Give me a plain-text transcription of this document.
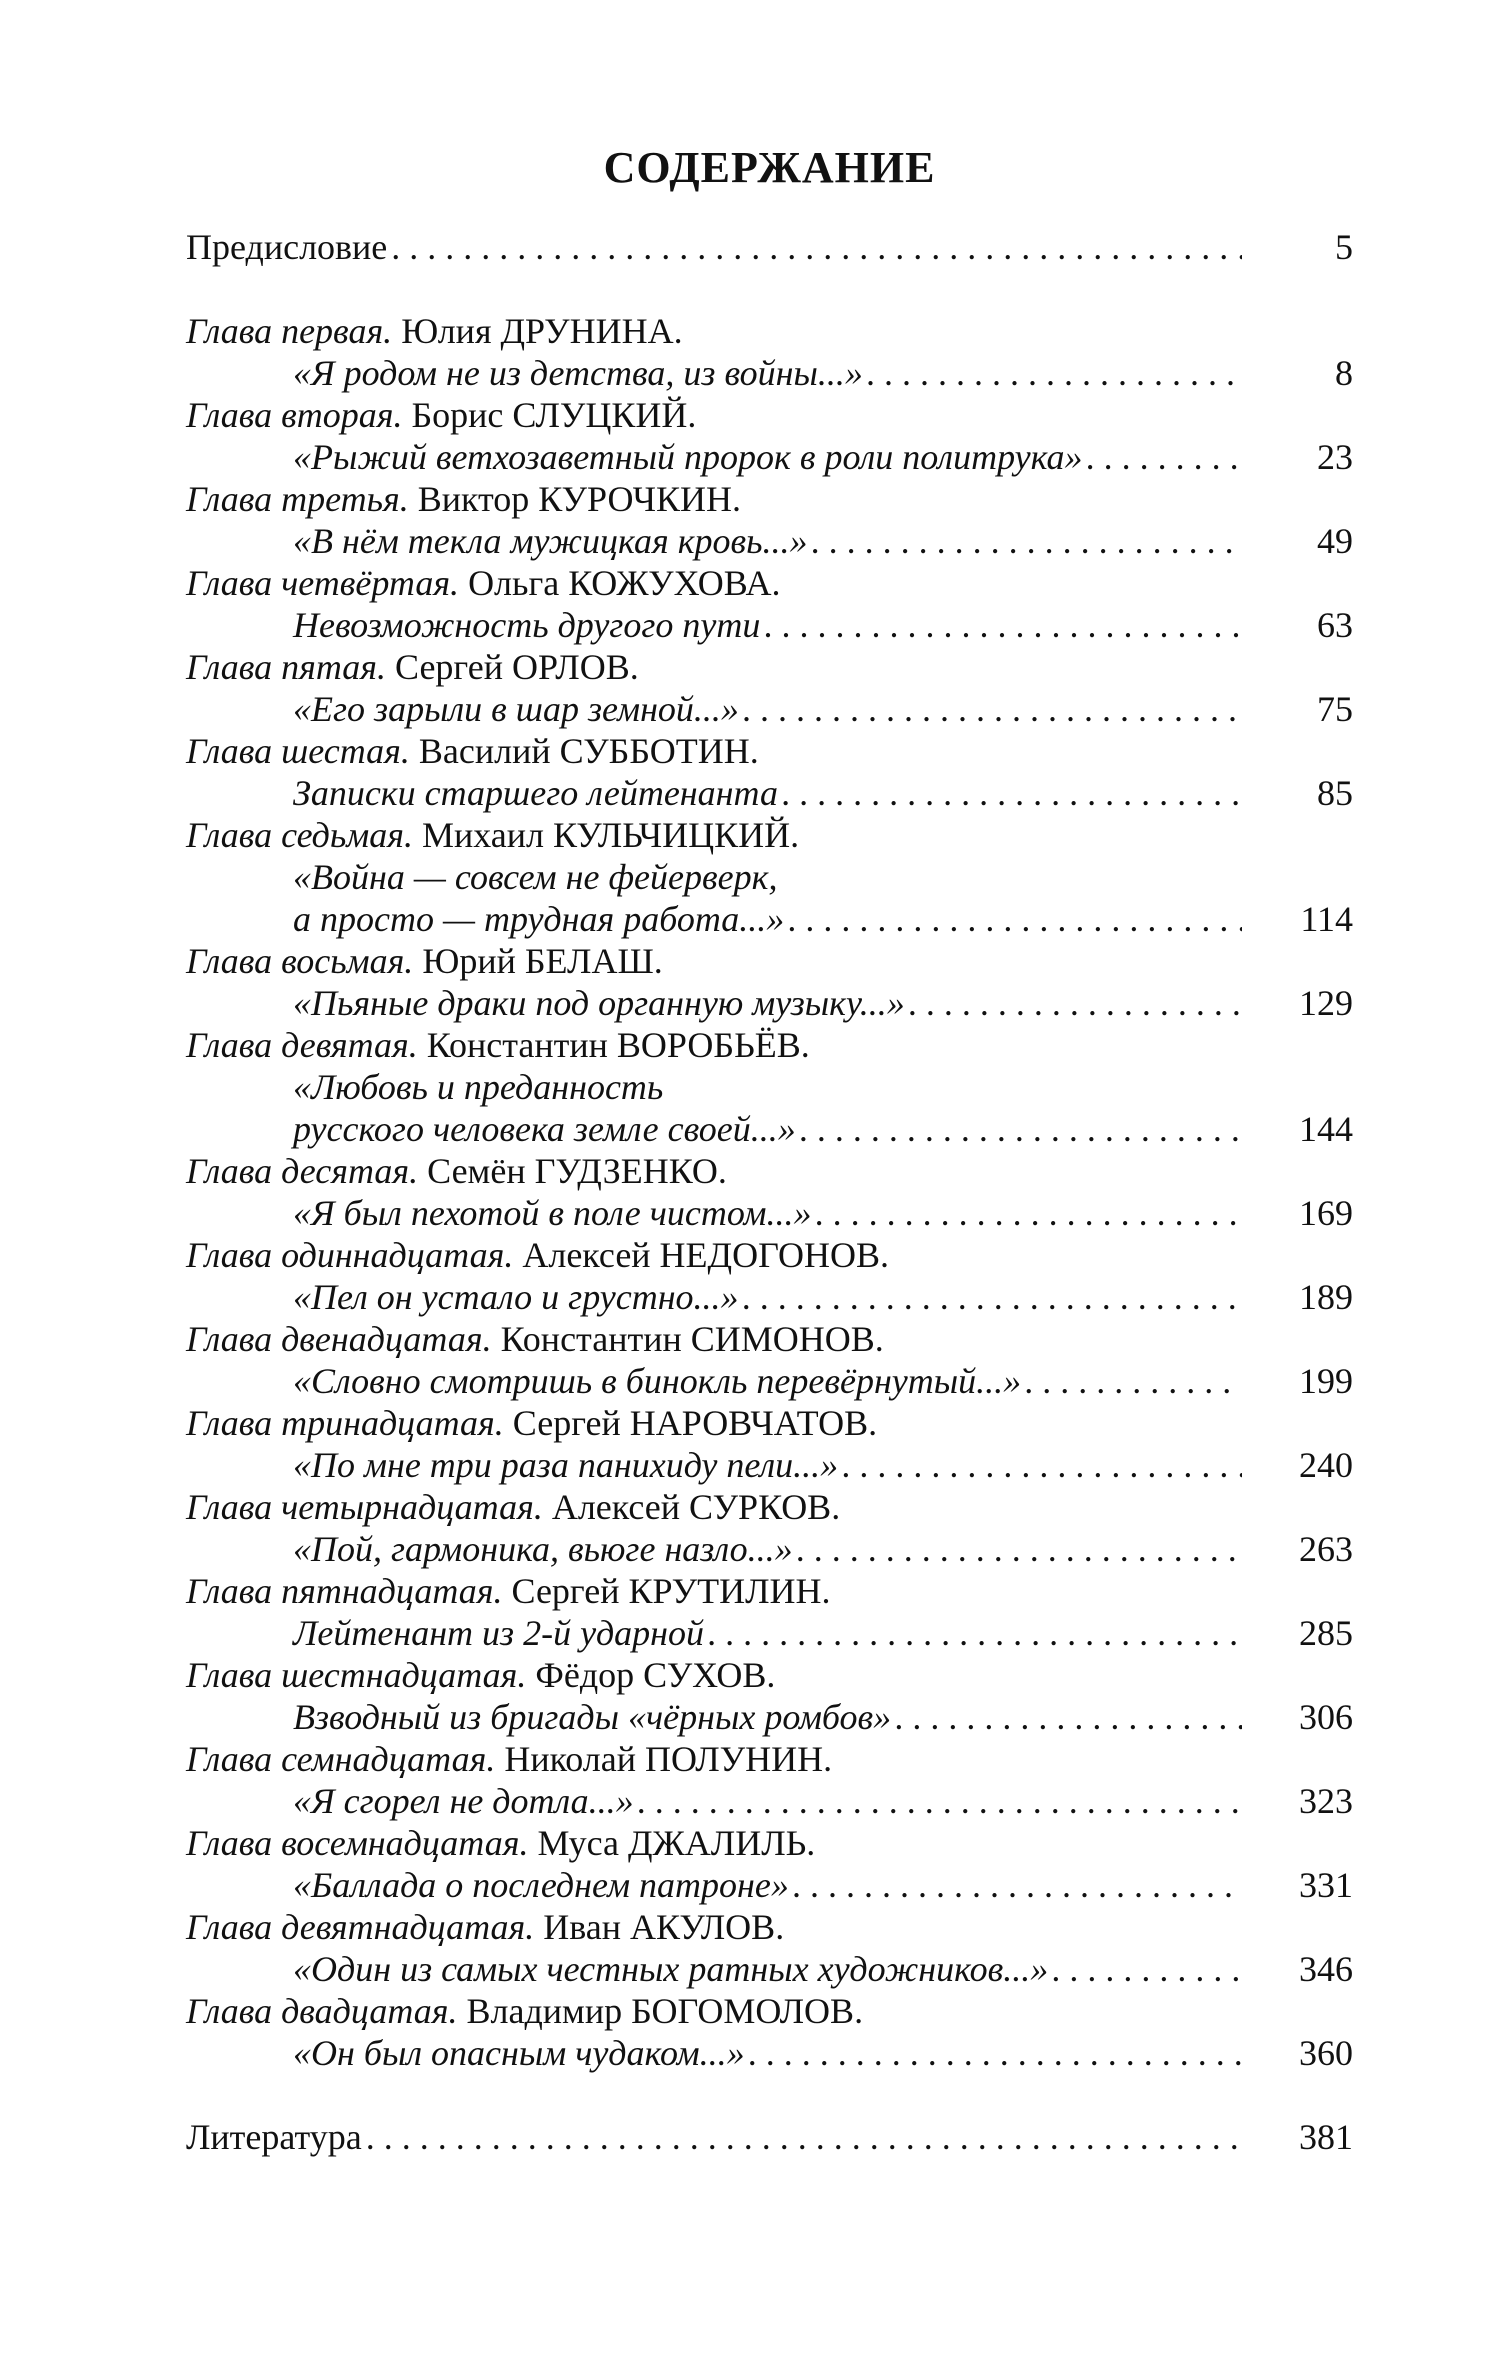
СОДЕРЖАНИЕ
Предисловие . . .	5
Глава первая. Юлия ДРУНИНА.
«Я родом не из детства, из войны...» . . .	8
Глава вторая. Борис СЛУЦКИЙ.
«Рыжий ветхозаветный пророк в роли политрука» . . .	23
Глава третья. Виктор КУРОЧКИН.
«В нём текла мужицкая кровь...» . . .	49
Глава четвёртая. Ольга КОЖУХОВА.
Невозможность другого пути . . .	63
Глава пятая. Сергей ОРЛОВ.
«Его зарыли в шар земной...» . . .	75
Глава шестая. Василий СУББОТИН.
Записки старшего лейтенанта . . .	85
Глава седьмая. Михаил КУЛЬЧИЦКИЙ.
«Война — совсем не фейерверк,
а просто — трудная работа...» . . .	114
Глава восьмая. Юрий БЕЛАШ.
«Пьяные драки под органную музыку...» . . .	129
Глава девятая. Константин ВОРОБЬЁВ.
«Любовь и преданность
русского человека земле своей...» . . .	144
Глава десятая. Семён ГУДЗЕНКО.
«Я был пехотой в поле чистом...» . . .	169
Глава одиннадцатая. Алексей НЕДОГОНОВ.
«Пел он устало и грустно...» . . .	189
Глава двенадцатая. Константин СИМОНОВ.
«Словно смотришь в бинокль перевёрнутый...» . . .	199
Глава тринадцатая. Сергей НАРОВЧАТОВ.
«По мне три раза панихиду пели...» . . .	240
Глава четырнадцатая. Алексей СУРКОВ.
«Пой, гармоника, вьюге назло...» . . .	263
Глава пятнадцатая. Сергей КРУТИЛИН.
Лейтенант из 2-й ударной . . .	285
Глава шестнадцатая. Фёдор СУХОВ.
Взводный из бригады «чёрных ромбов» . . .	306
Глава семнадцатая. Николай ПОЛУНИН.
«Я сгорел не дотла...» . . .	323
Глава восемнадцатая. Муса ДЖАЛИЛЬ.
«Баллада о последнем патроне» . . .	331
Глава девятнадцатая. Иван АКУЛОВ.
«Один из самых честных ратных художников...» . . .	346
Глава двадцатая. Владимир БОГОМОЛОВ.
«Он был опасным чудаком...» . . .	360
Литература . . .	381
